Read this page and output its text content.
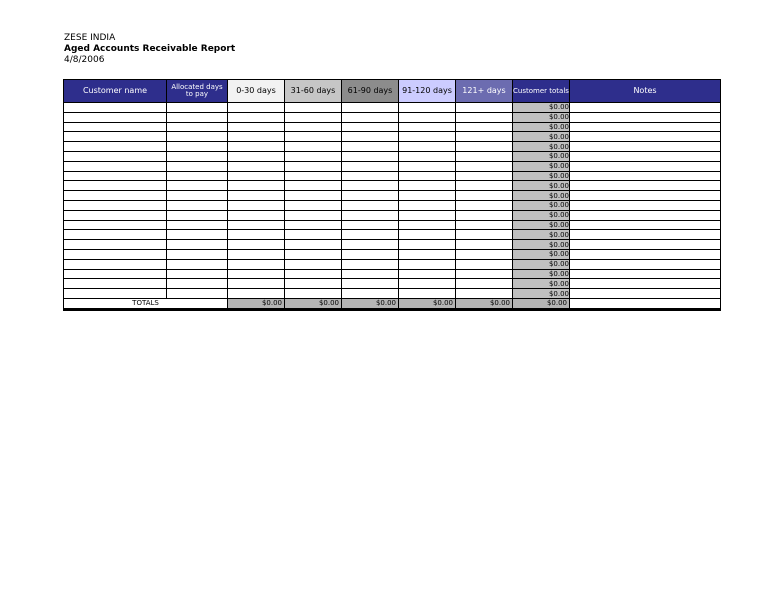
ZESE INDIA
Aged Accounts Receivable Report
4/8/2006
Customer name	Allocated days to pay	0-30 days	31-60 days	61-90 days	91-120 days	121+ days	Customer totals	Notes
							$0.00	
							$0.00	
							$0.00	
							$0.00	
							$0.00	
							$0.00	
							$0.00	
							$0.00	
							$0.00	
							$0.00	
							$0.00	
							$0.00	
							$0.00	
							$0.00	
							$0.00	
							$0.00	
							$0.00	
							$0.00	
							$0.00	
							$0.00	
TOTALS		$0.00	$0.00	$0.00	$0.00	$0.00	$0.00	
